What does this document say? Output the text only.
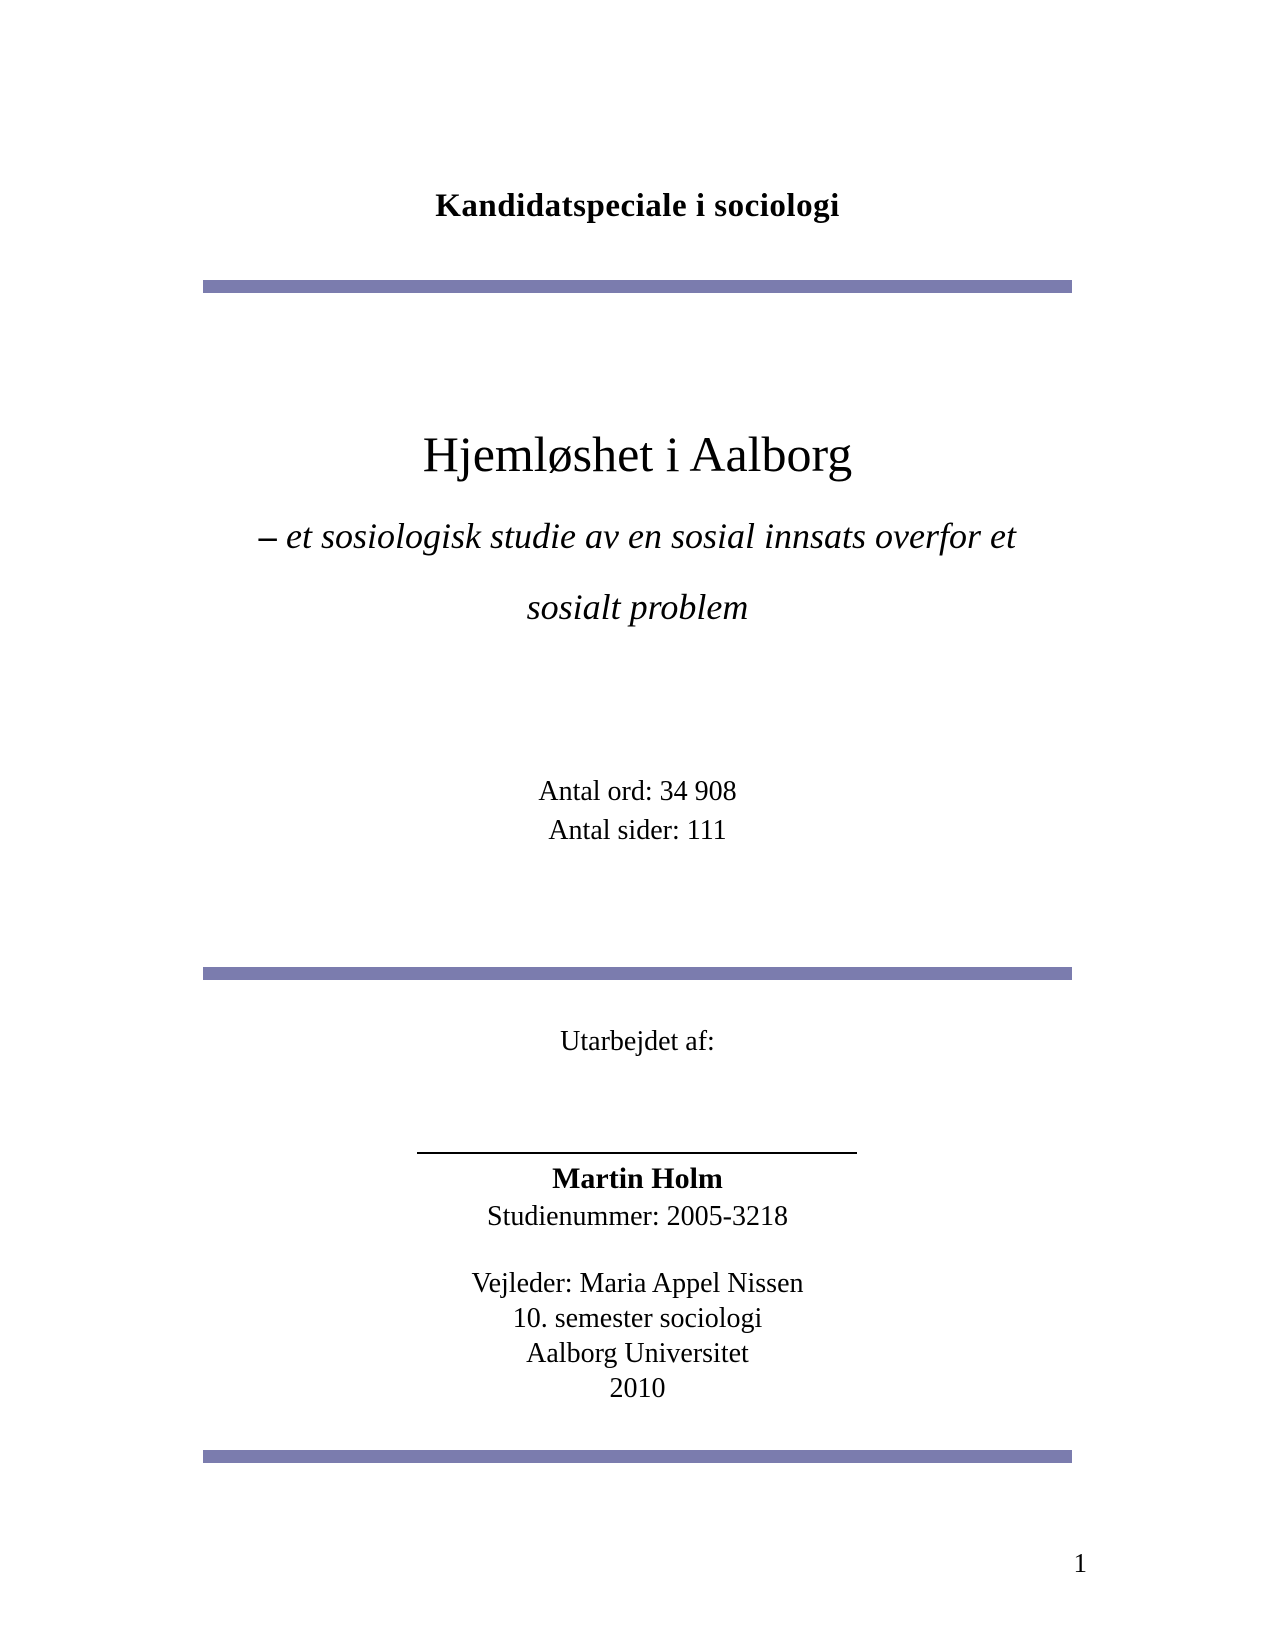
Kandidatspeciale i sociologi
Hjemløshet i Aalborg
– et sosiologisk studie av en sosial innsats overfor et
sosialt problem
Antal ord: 34 908
Antal sider: 111
Utarbejdet af:
Martin Holm
Studienummer: 2005-3218
Vejleder: Maria Appel Nissen
10. semester sociologi
Aalborg Universitet
2010
1
